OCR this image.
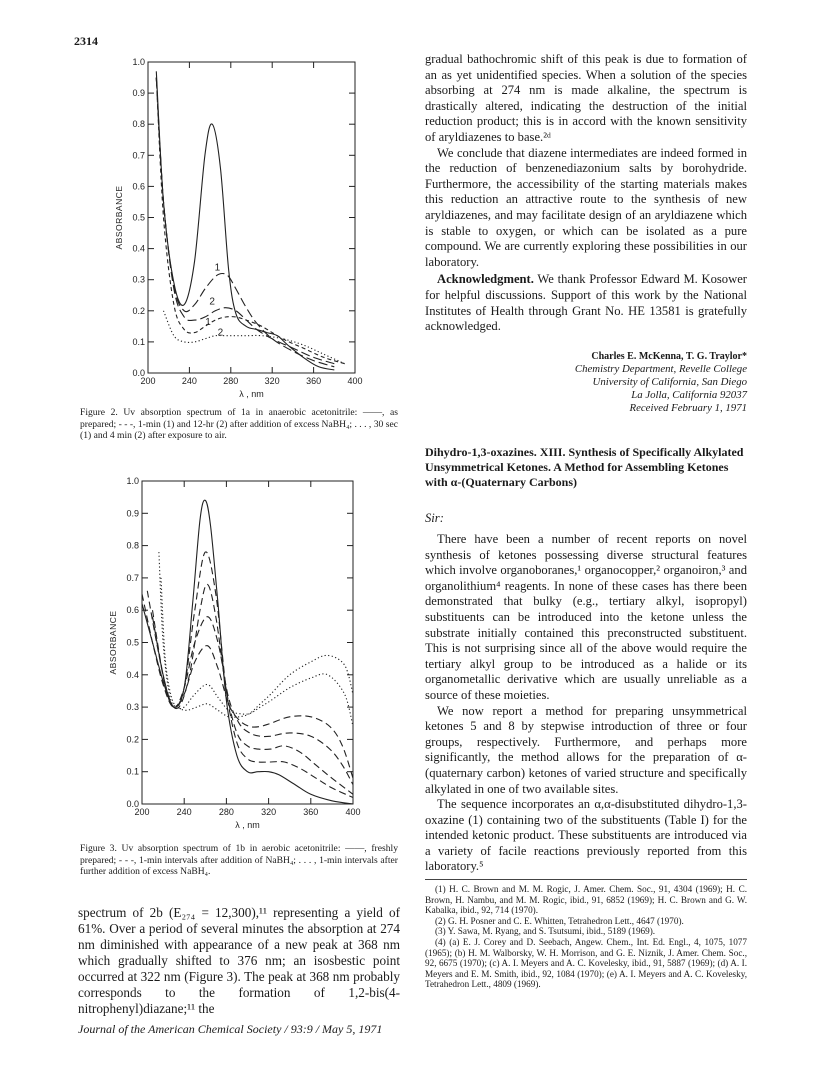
2314
0.0
0.1
0.2
0.3
0.4
0.5
0.6
0.7
0.8
0.9
1.0
200	240	280	320	360	400
λ , nm
ABSORBANCE
1
2
1
2
Figure 2. Uv absorption spectrum of 1a in anaerobic acetonitrile: ——, as prepared; - - -, 1-min (1) and 12-hr (2) after addition of excess NaBH₄; . . . , 30 sec (1) and 4 min (2) after exposure to air.
0.0
0.1
0.2
0.3
0.4
0.5
0.6
0.7
0.8
0.9
1.0
200	240	280	320	360	400
λ , nm
ABSORBANCE
Figure 3. Uv absorption spectrum of 1b in aerobic acetonitrile: ——, freshly prepared; - - -, 1-min intervals after addition of NaBH₄; . . . , 1-min intervals after further addition of excess NaBH₄.

spectrum of 2b (E₂₇₄ = 12,300),¹¹ representing a yield of 61%. Over a period of several minutes the absorption at 274 nm diminished with appearance of a new peak at 368 nm which gradually shifted to 376 nm; an isosbestic point occurred at 322 nm (Figure 3). The peak at 368 nm probably corresponds to the formation of 1,2-bis(4-nitrophenyl)diazane;¹¹ the

gradual bathochromic shift of this peak is due to formation of an as yet unidentified species. When a solution of the species absorbing at 274 nm is made alkaline, the spectrum is drastically altered, indicating the destruction of the initial reduction product; this is in accord with the known sensitivity of aryldiazenes to base.²ᵈ

We conclude that diazene intermediates are indeed formed in the reduction of benzenediazonium salts by borohydride. Furthermore, the accessibility of the starting materials makes this reduction an attractive route to the synthesis of new aryldiazenes, and may facilitate design of an aryldiazene which is stable to oxygen, or which can be isolated as a pure compound. We are currently exploring these possibilities in our laboratory.

Acknowledgment. We thank Professor Edward M. Kosower for helpful discussions. Support of this work by the National Institutes of Health through Grant No. HE 13581 is gratefully acknowledged.

Charles E. McKenna, T. G. Traylor*
Chemistry Department, Revelle College
University of California, San Diego
La Jolla, California 92037
Received February 1, 1971
Dihydro-1,3-oxazines. XIII. Synthesis of Specifically Alkylated Unsymmetrical Ketones. A Method for Assembling Ketones with α-(Quaternary Carbons)
Sir:

There have been a number of recent reports on novel synthesis of ketones possessing diverse structural features which involve organoboranes,¹ organocopper,² organoiron,³ and organolithium⁴ reagents. In none of these cases has there been demonstrated that bulky (e.g., tertiary alkyl, isopropyl) substituents can be introduced into the ketone unless the substrate initially contained this preconstructed substituent. This is not surprising since all of the above would require the tertiary alkyl group to be introduced as a halide or its organometallic derivative which are usually unreliable as a source of these moieties.

We now report a method for preparing unsymmetrical ketones 5 and 8 by stepwise introduction of three or four groups, respectively. Furthermore, and perhaps more significantly, the method allows for the preparation of α-(quaternary carbon) ketones of varied structure and specifically alkylated in one of two available sites.

The sequence incorporates an α,α-disubstituted dihydro-1,3-oxazine (1) containing two of the substituents (Table I) for the intended ketonic product. These substituents are introduced via a variety of facile reactions previously reported from this laboratory.⁵

(1) H. C. Brown and M. M. Rogic, J. Amer. Chem. Soc., 91, 4304 (1969); H. C. Brown, H. Nambu, and M. M. Rogic, ibid., 91, 6852 (1969); H. C. Brown and G. W. Kabalka, ibid., 92, 714 (1970).

(2) G. H. Posner and C. E. Whitten, Tetrahedron Lett., 4647 (1970).

(3) Y. Sawa, M. Ryang, and S. Tsutsumi, ibid., 5189 (1969).

(4) (a) E. J. Corey and D. Seebach, Angew. Chem., Int. Ed. Engl., 4, 1075, 1077 (1965); (b) H. M. Walborsky, W. H. Morrison, and G. E. Niznik, J. Amer. Chem. Soc., 92, 6675 (1970); (c) A. I. Meyers and A. C. Kovelesky, ibid., 91, 5887 (1969); (d) A. I. Meyers and E. M. Smith, ibid., 92, 1084 (1970); (e) A. I. Meyers and A. C. Kovelesky, Tetrahedron Lett., 4809 (1969).

Journal of the American Chemical Society / 93:9 / May 5, 1971
